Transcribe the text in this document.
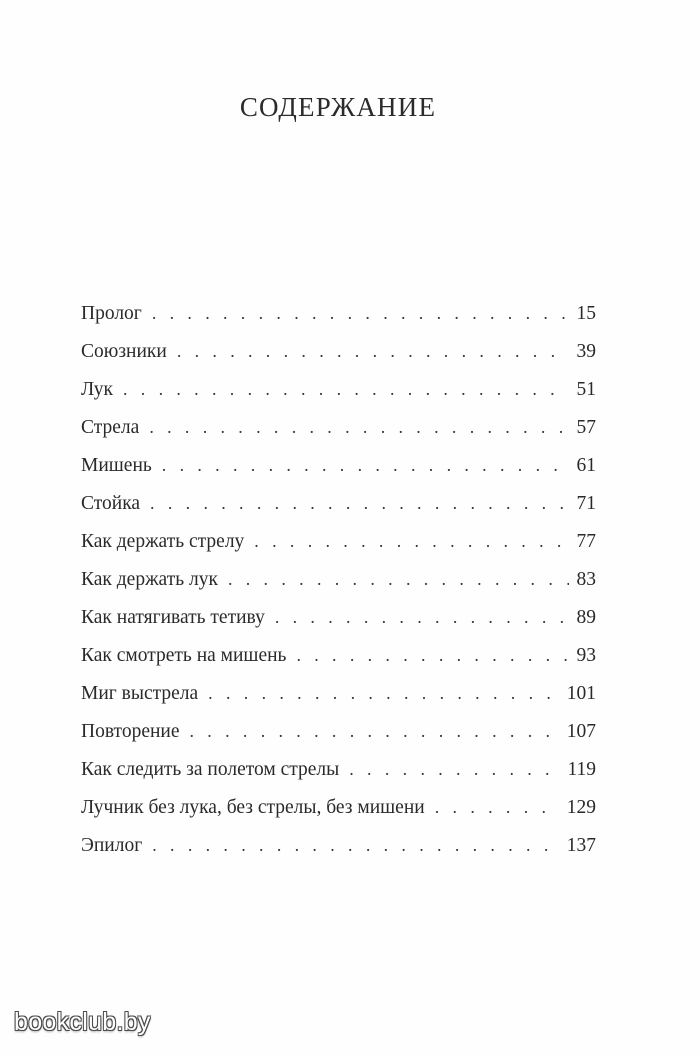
СОДЕРЖАНИЕ
Пролог . . .	15
Союзники . . .	39
Лук . . .	51
Стрела . . .	57
Мишень . . .	61
Стойка . . .	71
Как держать стрелу . . .	77
Как держать лук . . .	83
Как натягивать тетиву . . .	89
Как смотреть на мишень . . .	93
Миг выстрела . . .	101
Повторение . . .	107
Как следить за полетом стрелы . . .	119
Лучник без лука, без стрелы, без мишени . . .	129
Эпилог . . .	137
bookclub.by
